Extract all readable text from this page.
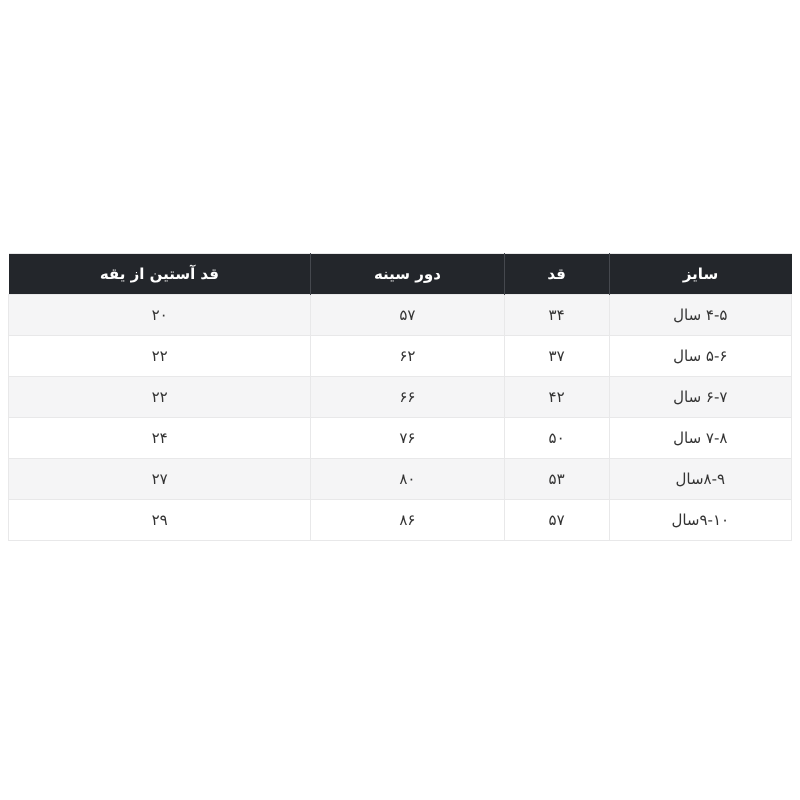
سایز	قد	دور سینه	قد آستین از یقه
۴‎-‎۵ سال	۳۴	۵۷	۲۰
۵‎-‎۶ سال	۳۷	۶۲	۲۲
۶‎-‎۷ سال	۴۲	۶۶	۲۲
۷‎-‎۸ سال	۵۰	۷۶	۲۴
۸‎-‎۹سال	۵۳	۸۰	۲۷
۹‎-‎۱۰سال	۵۷	۸۶	۲۹
